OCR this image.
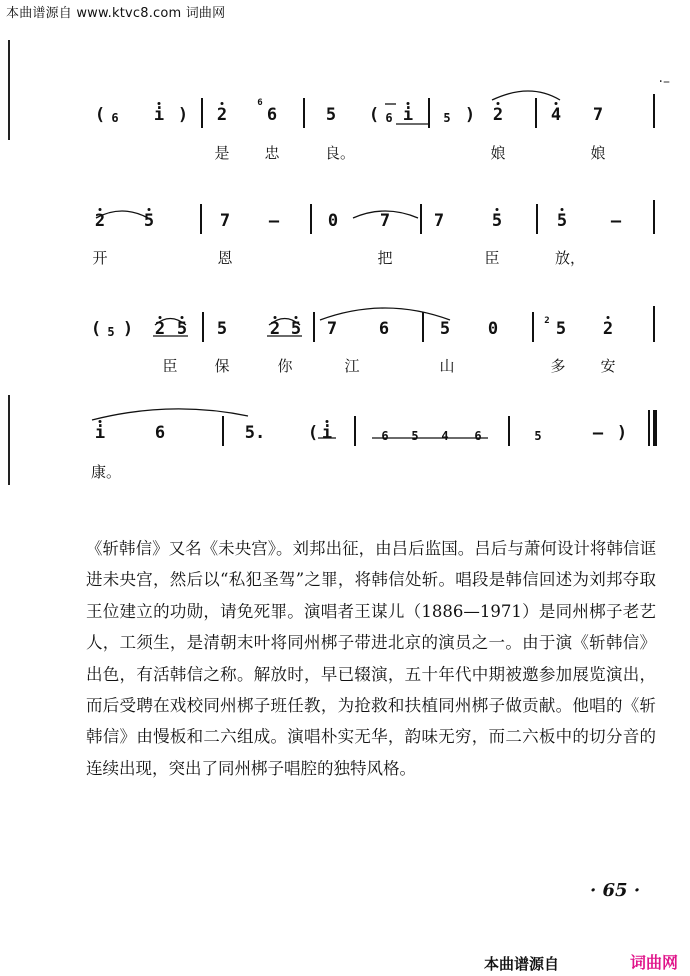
本曲谱源自 www.ktvc8.com 词曲网
·–
( 6 i ) 2
6
6	5 ( 6 i	5 ) 2	4 7
是 忠	良。	娘	娘
2 5	7 –	0 7	7	5	5	–
开	恩	把	臣	放，
( 5 ) 2 5 5	2 5 7 6	5 0	2 5 2
臣 保	你	江	山	多 安
i	6	5.	( i	6 5 4 6	5	– )
康。

《斩韩信》又名《未央宫》。刘邦出征，由吕后监国。吕后与萧何设计将韩信诓进未央宫，然后以“私犯圣驾”之罪，将韩信处斩。唱段是韩信回述为刘邦夺取王位建立的功勋，请免死罪。演唱者王谋儿（1886—1971）是同州梆子老艺人，工须生，是清朝末叶将同州梆子带进北京的演员之一。由于演《斩韩信》出色，有活韩信之称。解放时，早已辍演，五十年代中期被邀参加展览演出，而后受聘在戏校同州梆子班任教，为抢救和扶植同州梆子做贡献。他唱的《斩韩信》由慢板和二六组成。演唱朴实无华，韵味无穷，而二六板中的切分音的连续出现，突出了同州梆子唱腔的独特风格。

· 65 ·
本曲谱源自	词曲网
